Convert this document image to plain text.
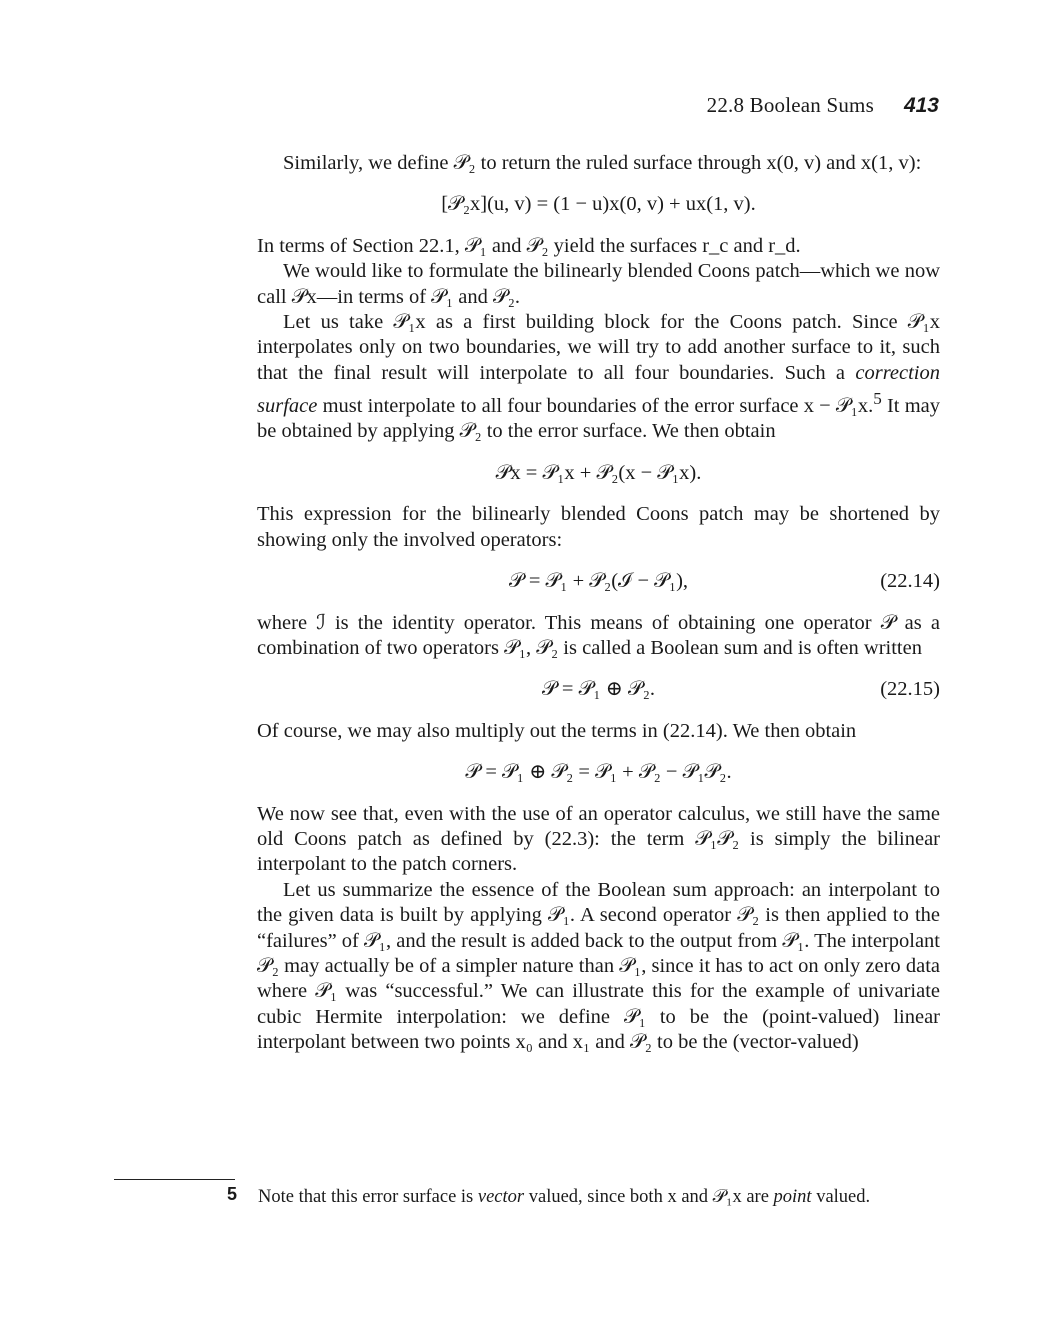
22.8 Boolean Sums 413

Similarly, we define 𝒫₂ to return the ruled surface through x(0, v) and x(1, v):

[𝒫₂x](u, v) = (1 − u)x(0, v) + ux(1, v).

In terms of Section 22.1, 𝒫₁ and 𝒫₂ yield the surfaces r_c and r_d.

We would like to formulate the bilinearly blended Coons patch—which we now call 𝒫x—in terms of 𝒫₁ and 𝒫₂.

Let us take 𝒫₁x as a first building block for the Coons patch. Since 𝒫₁x interpolates only on two boundaries, we will try to add another surface to it, such that the final result will interpolate to all four boundaries. Such a correction surface must interpolate to all four boundaries of the error surface x − 𝒫₁x.$^5$ It may be obtained by applying 𝒫₂ to the error surface. We then obtain

𝒫x = 𝒫₁x + 𝒫₂(x − 𝒫₁x).

This expression for the bilinearly blended Coons patch may be shortened by showing only the involved operators:

𝒫 = 𝒫₁ + 𝒫₂(ℐ − 𝒫₁),	(22.14)

where ℐ is the identity operator. This means of obtaining one operator 𝒫 as a combination of two operators 𝒫₁, 𝒫₂ is called a Boolean sum and is often written

𝒫 = 𝒫₁ ⊕ 𝒫₂.	(22.15)

Of course, we may also multiply out the terms in (22.14). We then obtain

𝒫 = 𝒫₁ ⊕ 𝒫₂ = 𝒫₁ + 𝒫₂ − 𝒫₁𝒫₂.

We now see that, even with the use of an operator calculus, we still have the same old Coons patch as defined by (22.3): the term 𝒫₁𝒫₂ is simply the bilinear interpolant to the patch corners.

Let us summarize the essence of the Boolean sum approach: an interpolant to the given data is built by applying 𝒫₁. A second operator 𝒫₂ is then applied to the “failures” of 𝒫₁, and the result is added back to the output from 𝒫₁. The interpolant 𝒫₂ may actually be of a simpler nature than 𝒫₁, since it has to act on only zero data where 𝒫₁ was “successful.” We can illustrate this for the example of univariate cubic Hermite interpolation: we define 𝒫₁ to be the (point-valued) linear interpolant between two points x₀ and x₁ and 𝒫₂ to be the (vector-valued)

5 Note that this error surface is vector valued, since both x and 𝒫₁x are point valued.
